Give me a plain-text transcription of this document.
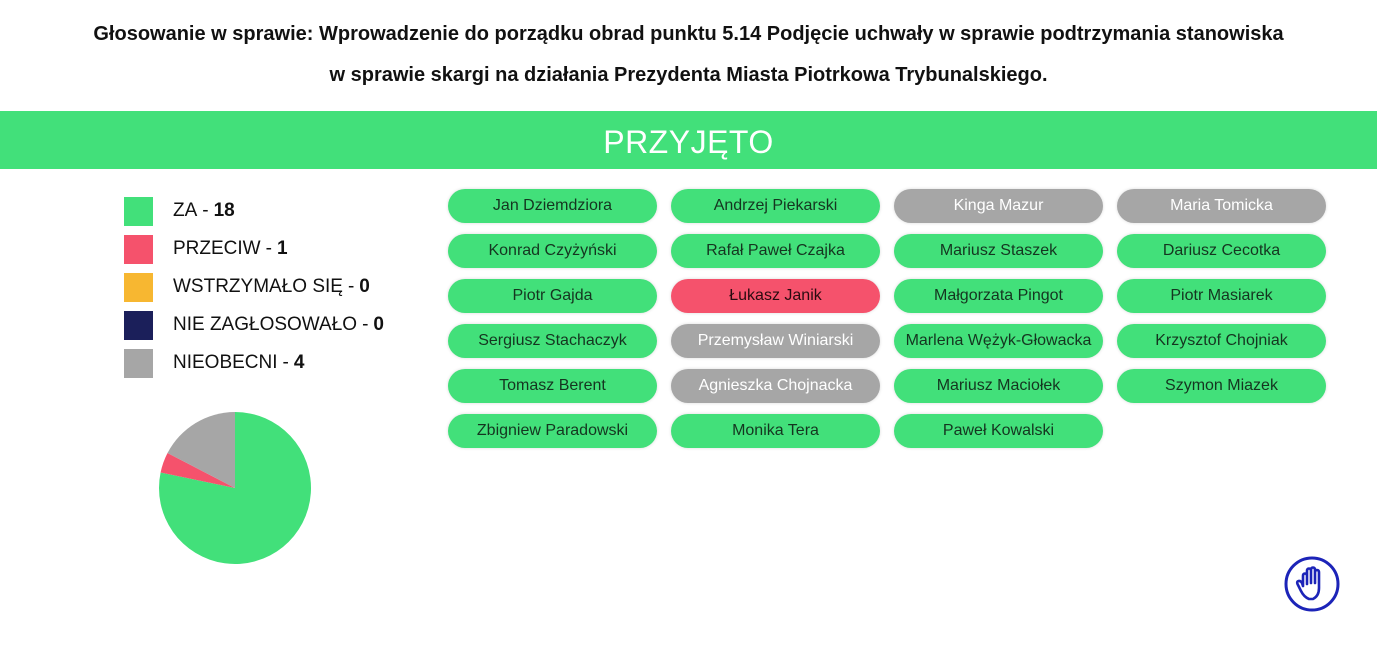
Głosowanie w sprawie: Wprowadzenie do porządku obrad punktu 5.14 Podjęcie uchwały w sprawie podtrzymania stanowiska
w sprawie skargi na działania Prezydenta Miasta Piotrkowa Trybunalskiego.
PRZYJĘTO
ZA - 18
PRZECIW - 1
WSTRZYMAŁO SIĘ - 0
NIE ZAGŁOSOWAŁO - 0
NIEOBECNI - 4
Jan Dziemdziora	Andrzej Piekarski	Kinga Mazur	Maria Tomicka
Konrad Czyżyński	Rafał Paweł Czajka	Mariusz Staszek	Dariusz Cecotka
Piotr Gajda	Łukasz Janik	Małgorzata Pingot	Piotr Masiarek
Sergiusz Stachaczyk	Przemysław Winiarski	Marlena Wężyk-Głowacka	Krzysztof Chojniak
Tomasz Berent	Agnieszka Chojnacka	Mariusz Maciołek	Szymon Miazek
Zbigniew Paradowski	Monika Tera	Paweł Kowalski
